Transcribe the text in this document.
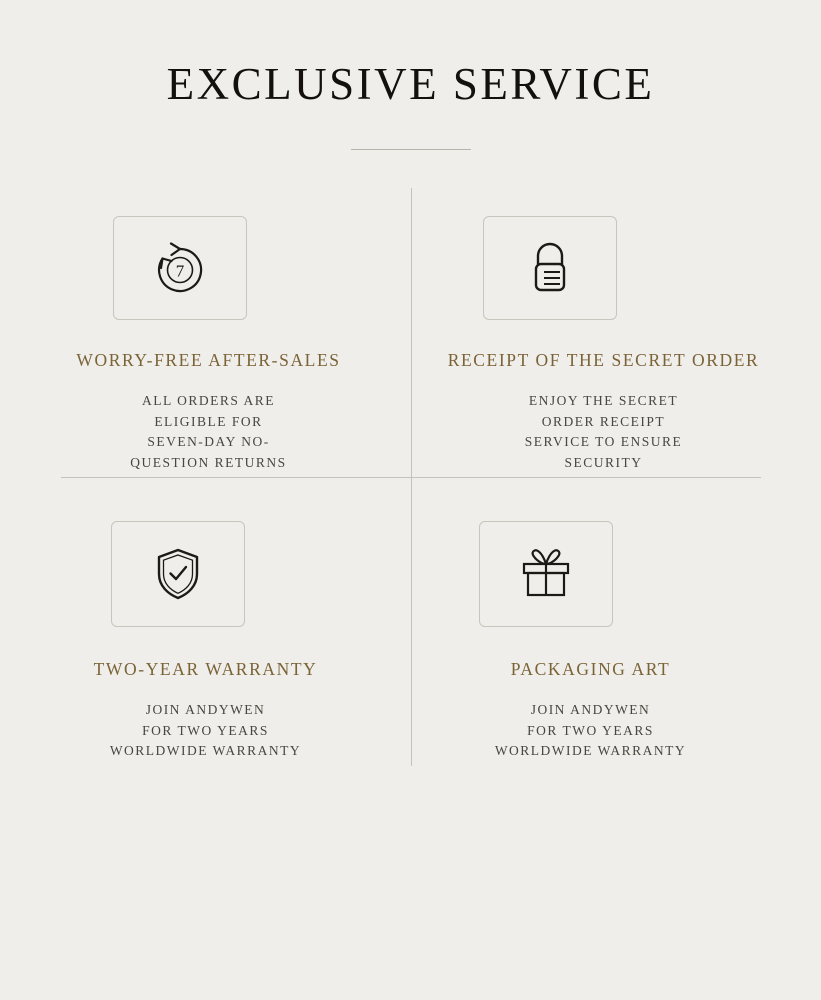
EXCLUSIVE SERVICE
7
WORRY-FREE AFTER-SALES
ALL ORDERS ARE
ELIGIBLE FOR
SEVEN-DAY NO-
QUESTION RETURNS
RECEIPT OF THE SECRET ORDER
ENJOY THE SECRET
ORDER RECEIPT
SERVICE TO ENSURE
SECURITY
TWO-YEAR WARRANTY
JOIN ANDYWEN
FOR TWO YEARS
WORLDWIDE WARRANTY
PACKAGING ART
JOIN ANDYWEN
FOR TWO YEARS
WORLDWIDE WARRANTY
